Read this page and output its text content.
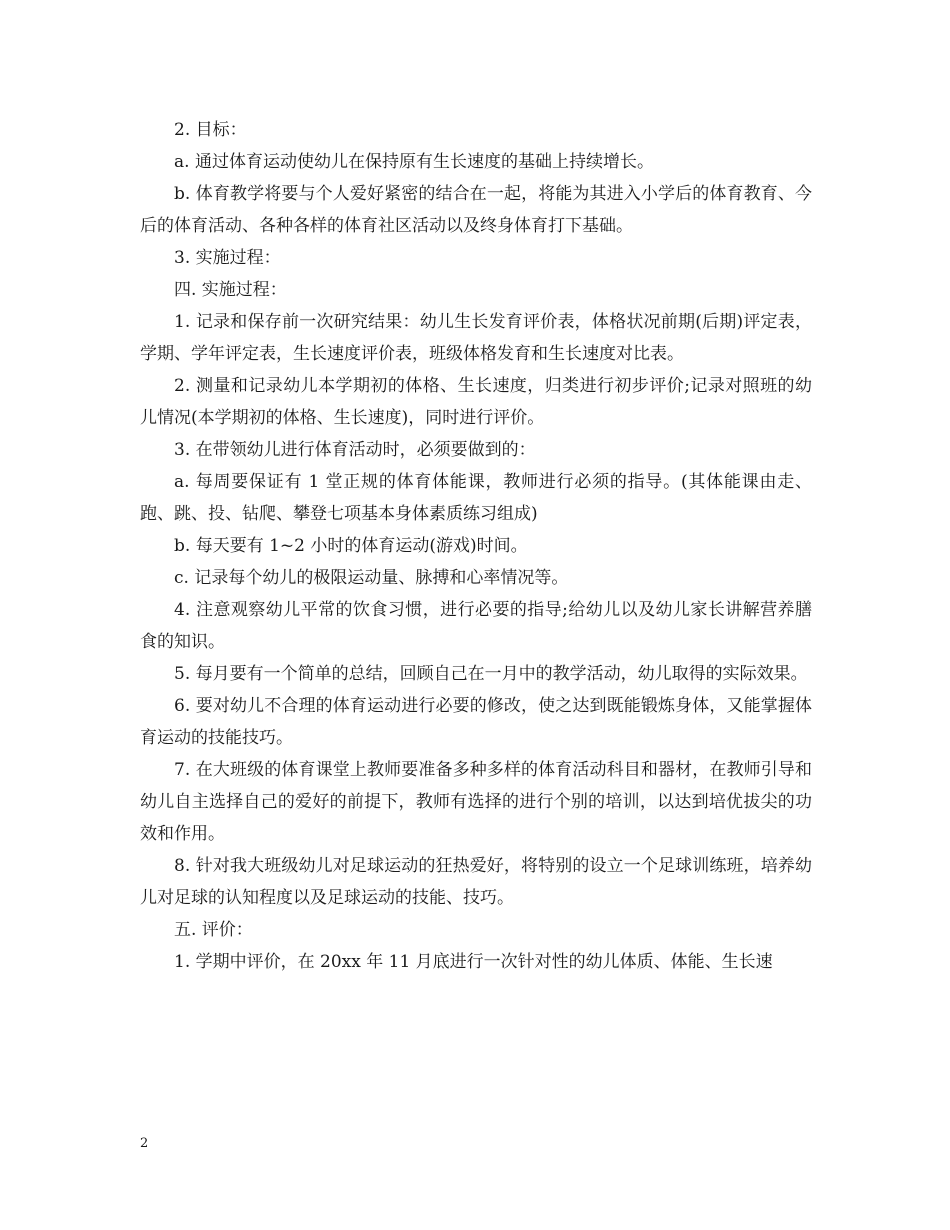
2. 目标：

a. 通过体育运动使幼儿在保持原有生长速度的基础上持续增长。

b. 体育教学将要与个人爱好紧密的结合在一起，将能为其进入小学后的体育教育、今后的体育活动、各种各样的体育社区活动以及终身体育打下基础。

3. 实施过程：

四. 实施过程：

1. 记录和保存前一次研究结果：幼儿生长发育评价表，体格状况前期(后期)评定表，学期、学年评定表，生长速度评价表，班级体格发育和生长速度对比表。

2. 测量和记录幼儿本学期初的体格、生长速度，归类进行初步评价;记录对照班的幼儿情况(本学期初的体格、生长速度)，同时进行评价。

3. 在带领幼儿进行体育活动时，必须要做到的：

a. 每周要保证有 1 堂正规的体育体能课，教师进行必须的指导。(其体能课由走、跑、跳、投、钻爬、攀登七项基本身体素质练习组成)

b. 每天要有 1~2 小时的体育运动(游戏)时间。

c. 记录每个幼儿的极限运动量、脉搏和心率情况等。

4. 注意观察幼儿平常的饮食习惯，进行必要的指导;给幼儿以及幼儿家长讲解营养膳食的知识。

5. 每月要有一个简单的总结，回顾自己在一月中的教学活动，幼儿取得的实际效果。

6. 要对幼儿不合理的体育运动进行必要的修改，使之达到既能锻炼身体，又能掌握体育运动的技能技巧。

7. 在大班级的体育课堂上教师要准备多种多样的体育活动科目和器材，在教师引导和幼儿自主选择自己的爱好的前提下，教师有选择的进行个别的培训，以达到培优拔尖的功效和作用。

8. 针对我大班级幼儿对足球运动的狂热爱好，将特别的设立一个足球训练班，培养幼儿对足球的认知程度以及足球运动的技能、技巧。

五. 评价：

1. 学期中评价，在 20xx 年 11 月底进行一次针对性的幼儿体质、体能、生长速

2
